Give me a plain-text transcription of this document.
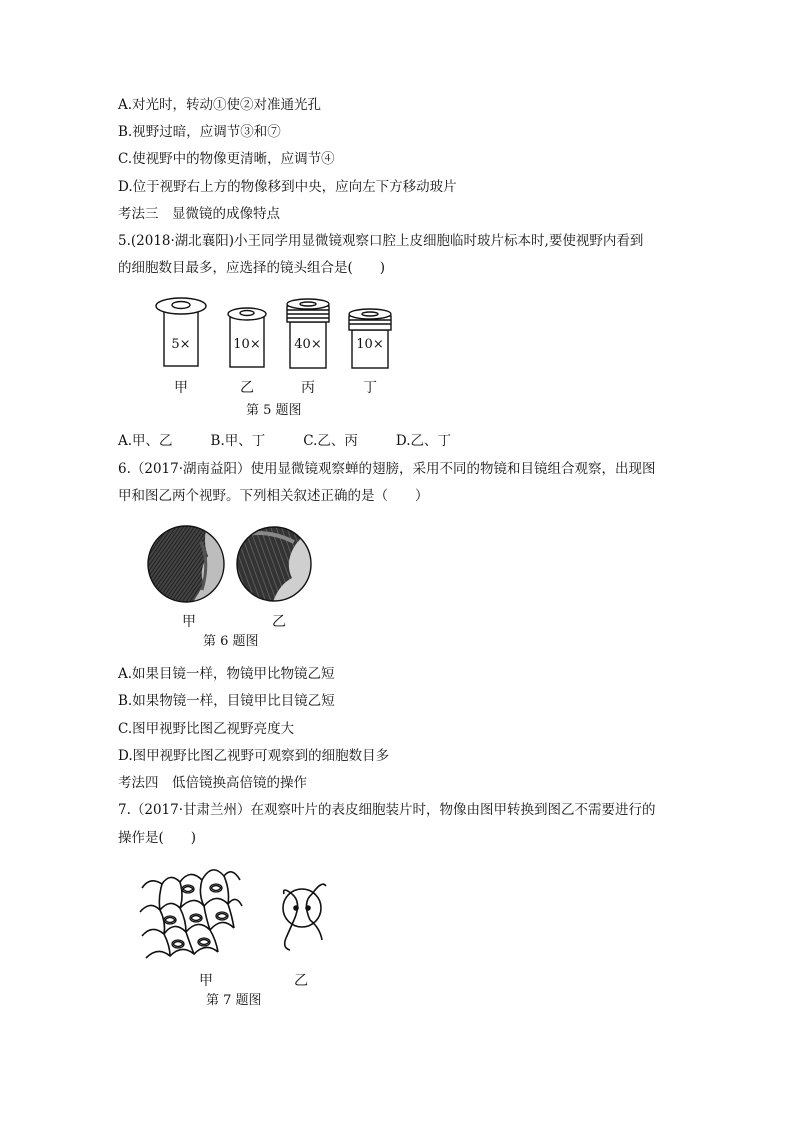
A.对光时，转动①使②对准通光孔
B.视野过暗，应调节③和⑦
C.使视野中的物像更清晰，应调节④
D.位于视野右上方的物像移到中央，应向左下方移动玻片
考法三　显微镜的成像特点
5.(2018·湖北襄阳)小王同学用显微镜观察口腔上皮细胞临时玻片标本时,要使视野内看到
的细胞数目最多，应选择的镜头组合是(　　)
5×	10×	40×	10×
甲	乙	丙	丁
第 5 题图
A.甲、乙	B.甲、丁	C.乙、丙	D.乙、丁
6.（2017·湖南益阳）使用显微镜观察蝉的翅膀，采用不同的物镜和目镜组合观察，出现图
甲和图乙两个视野。下列相关叙述正确的是（　　）
甲	乙
第 6 题图
A.如果目镜一样，物镜甲比物镜乙短
B.如果物镜一样，目镜甲比目镜乙短
C.图甲视野比图乙视野亮度大
D.图甲视野比图乙视野可观察到的细胞数目多
考法四　低倍镜换高倍镜的操作
7.（2017·甘肃兰州）在观察叶片的表皮细胞装片时，物像由图甲转换到图乙不需要进行的
操作是(　　)
甲	乙
第 7 题图
